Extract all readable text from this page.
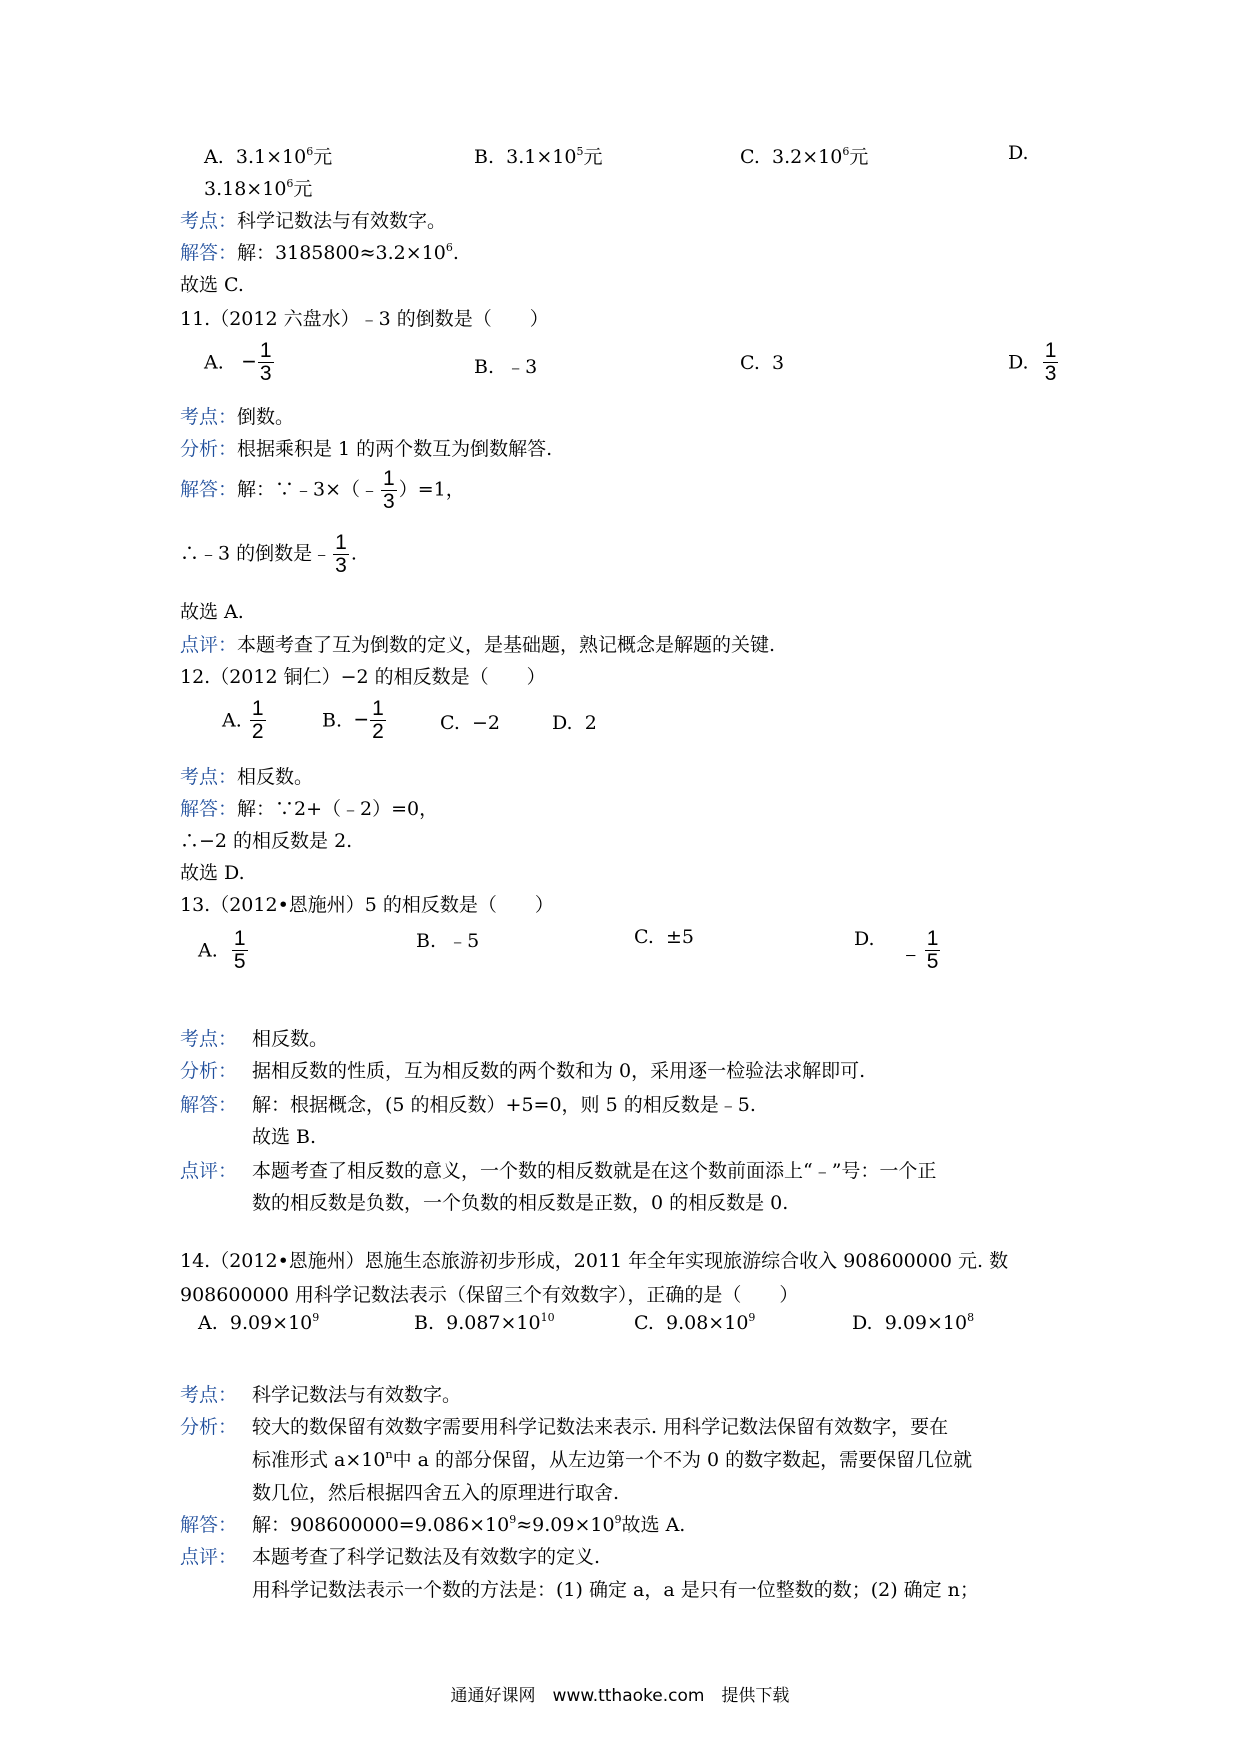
A. $3.1\times 10^6$元	B. $3.1\times 10^5$元	C. $3.2\times 10^6$元	D.
$3.18\times 10^6$元
考点：科学记数法与有效数字。
解答：解：$3185800\approx 3.2\times 10^6$.
故选 C.
11.（2012 六盘水）﹣3 的倒数是（　　）
A. − $\frac{1}{3}$	B. ﹣3	C. 3	D. $\frac{1}{3}$
考点：倒数。
分析：根据乘积是 1 的两个数互为倒数解答.
解答：解：∵﹣3×（﹣ $\frac{1}{3} )=1$，
∴﹣3 的倒数是﹣ $\frac{1}{3}$ .
故选 A.
点评：本题考查了互为倒数的定义，是基础题，熟记概念是解题的关键.
12.（2012 铜仁）−2 的相反数是（　　）
A. $\frac{1}{2}$	B. − $\frac{1}{2}$	C. −2	D. 2
考点：相反数。
解答：解：∵2+（﹣2）=0，
∴−2 的相反数是 2.
故选 D.
13.（2012•恩施州）5 的相反数是（　　）
A. $\frac{1}{5}$	B. ﹣5	C. ±5	D.    ﹣ $\frac{1}{5}$
考点： 相反数。
分析： 据相反数的性质，互为相反数的两个数和为 0，采用逐一检验法求解即可.
解答： 解：根据概念，(5 的相反数）+5=0，则 5 的相反数是﹣5.
故选 B.
点评： 本题考查了相反数的意义，一个数的相反数就是在这个数前面添上“﹣”号：一个正
数的相反数是负数，一个负数的相反数是正数，0 的相反数是 0.
14.（2012•恩施州）恩施生态旅游初步形成，2011 年全年实现旅游综合收入 908600000 元. 数
908600000 用科学记数法表示（保留三个有效数字），正确的是（　　）
A. $9.09\times 10^9$	B. $9.087\times 10^{10}$	C. $9.08\times 10^9$	D. $9.09\times 10^8$
考点： 科学记数法与有效数字。
分析： 较大的数保留有效数字需要用科学记数法来表示. 用科学记数法保留有效数字，要在
标准形式 $a\times 10^n$中 a 的部分保留，从左边第一个不为 0 的数字数起，需要保留几位就
数几位，然后根据四舍五入的原理进行取舍.
解答： 解：$908600000=9.086\times 10^9\approx 9.09\times 10^9$故选 A.
点评： 本题考查了科学记数法及有效数字的定义.
用科学记数法表示一个数的方法是：(1) 确定 a，a 是只有一位整数的数；(2) 确定 n；
通通好课网　www.tthaoke.com　提供下载
